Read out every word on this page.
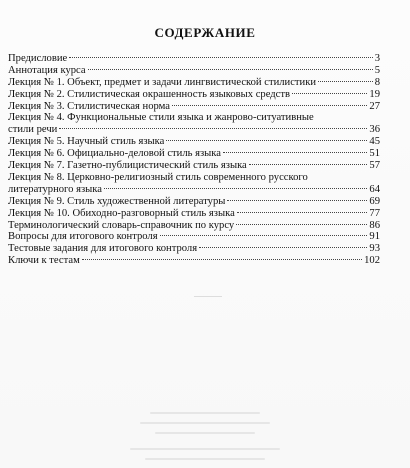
СОДЕРЖАНИЕ
Предисловие	3
Аннотация курса	5
Лекция № 1. Объект, предмет и задачи лингвистической стилистики	8
Лекция № 2. Стилистическая окрашенность языковых средств	19
Лекция № 3. Стилистическая норма	27
Лекция № 4. Функциональные стили языка и жанрово-ситуативные
стили речи	36
Лекция № 5. Научный стиль языка	45
Лекция № 6. Официально-деловой стиль языка	51
Лекция № 7. Газетно-публицистический стиль языка	57
Лекция № 8. Церковно-религиозный стиль современного русского
литературного языка	64
Лекция № 9. Стиль художественной литературы	69
Лекция № 10. Обиходно-разговорный стиль языка	77
Терминологический словарь-справочник по курсу	86
Вопросы для итогового контроля	91
Тестовые задания для итогового контроля	93
Ключи к тестам	102
